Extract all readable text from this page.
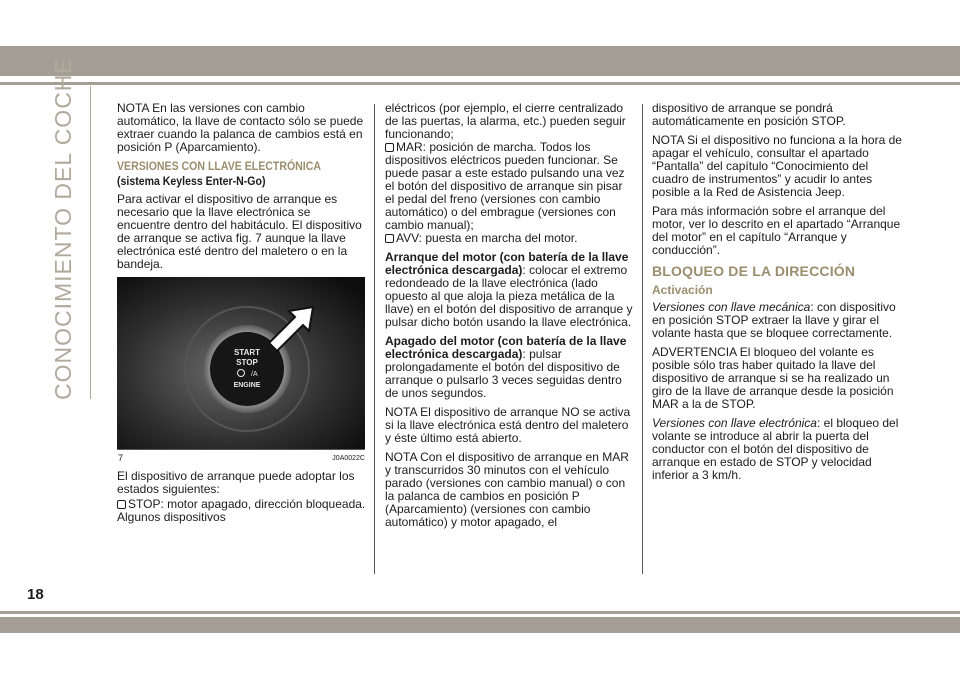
CONOCIMIENTO DEL COCHE
18

NOTA En las versiones con cambio automático, la llave de contacto sólo se puede extraer cuando la palanca de cambios está en posición P (Aparcamiento).

VERSIONES CON LLAVE ELECTRÓNICA
(sistema Keyless Enter-N-Go)

Para activar el dispositivo de arranque es necesario que la llave electrónica se encuentre dentro del habitáculo. El dispositivo de arranque se activa fig. 7 aunque la llave electrónica esté dentro del maletero o en la bandeja.

START
STOP
/A
ENGINE
7	J0A0022C

El dispositivo de arranque puede adoptar los estados siguientes:

STOP: motor apagado, dirección bloqueada. Algunos dispositivos

eléctricos (por ejemplo, el cierre centralizado de las puertas, la alarma, etc.) pueden seguir funcionando;

MAR: posición de marcha. Todos los dispositivos eléctricos pueden funcionar. Se puede pasar a este estado pulsando una vez el botón del dispositivo de arranque sin pisar el pedal del freno (versiones con cambio automático) o del embrague (versiones con cambio manual);

AVV: puesta en marcha del motor.

Arranque del motor (con batería de la llave electrónica descargada): colocar el extremo redondeado de la llave electrónica (lado opuesto al que aloja la pieza metálica de la llave) en el botón del dispositivo de arranque y pulsar dicho botón usando la llave electrónica.

Apagado del motor (con batería de la llave electrónica descargada): pulsar prolongadamente el botón del dispositivo de arranque o pulsarlo 3 veces seguidas dentro de unos segundos.

NOTA El dispositivo de arranque NO se activa si la llave electrónica está dentro del maletero y éste último está abierto.

NOTA Con el dispositivo de arranque en MAR y transcurridos 30 minutos con el vehículo parado (versiones con cambio manual) o con la palanca de cambios en posición P (Aparcamiento) (versiones con cambio automático) y motor apagado, el

dispositivo de arranque se pondrá automáticamente en posición STOP.

NOTA Si el dispositivo no funciona a la hora de apagar el vehículo, consultar el apartado “Pantalla” del capítulo “Conocimiento del cuadro de instrumentos” y acudir lo antes posible a la Red de Asistencia Jeep.

Para más información sobre el arranque del motor, ver lo descrito en el apartado “Arranque del motor” en el capítulo “Arranque y conducción”.

BLOQUEO DE LA DIRECCIÓN
Activación

Versiones con llave mecánica: con dispositivo en posición STOP extraer la llave y girar el volante hasta que se bloquee correctamente.

ADVERTENCIA El bloqueo del volante es posible sólo tras haber quitado la llave del dispositivo de arranque si se ha realizado un giro de la llave de arranque desde la posición MAR a la de STOP.

Versiones con llave electrónica: el bloqueo del volante se introduce al abrir la puerta del conductor con el botón del dispositivo de arranque en estado de STOP y velocidad inferior a 3 km/h.
